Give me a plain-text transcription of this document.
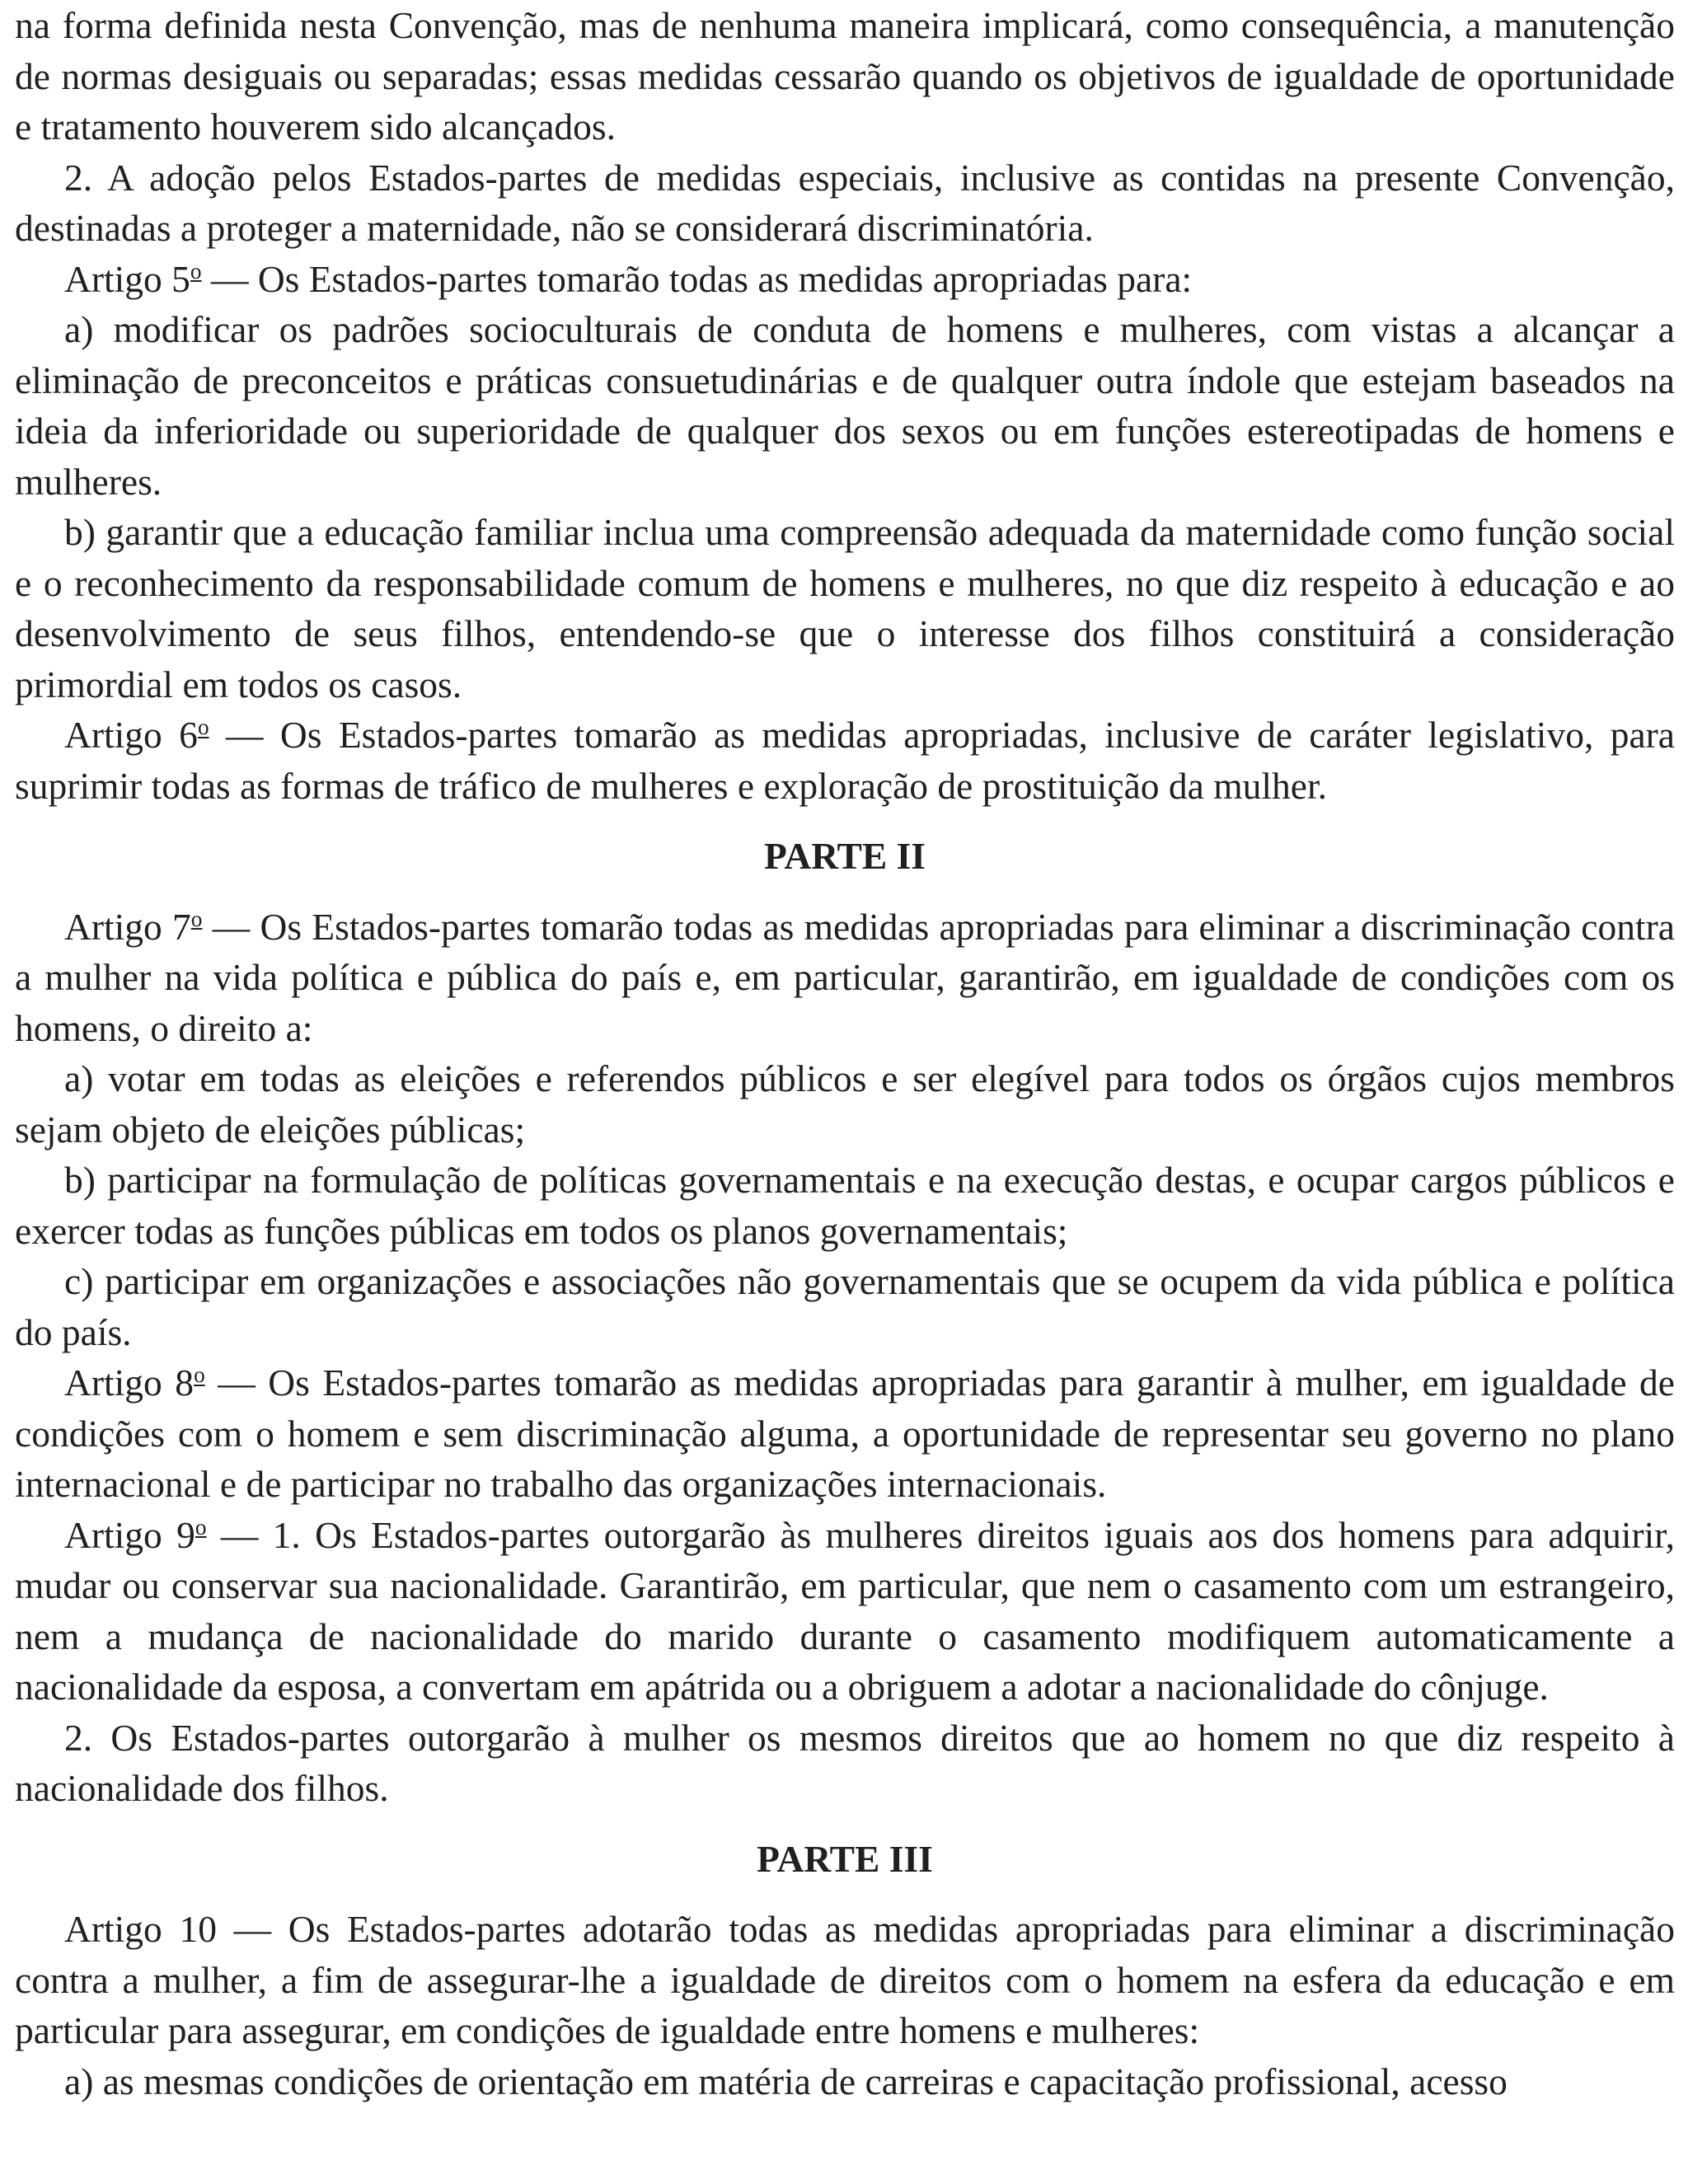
na forma definida nesta Convenção, mas de nenhuma maneira implicará, como consequência, a manutenção de normas desiguais ou separadas; essas medidas cessarão quando os objetivos de igualdade de oportunidade e tratamento houverem sido alcançados.

2. A adoção pelos Estados-partes de medidas especiais, inclusive as contidas na presente Convenção, destinadas a proteger a maternidade, não se considerará discriminatória.

Artigo 5$^o$ — Os Estados-partes tomarão todas as medidas apropriadas para:

a) modificar os padrões socioculturais de conduta de homens e mulheres, com vistas a alcançar a eliminação de preconceitos e práticas consuetudinárias e de qualquer outra índole que estejam baseados na ideia da inferioridade ou superioridade de qualquer dos sexos ou em funções estereotipadas de homens e mulheres.

b) garantir que a educação familiar inclua uma compreensão adequada da maternidade como função social e o reconhecimento da responsabilidade comum de homens e mulheres, no que diz respeito à educação e ao desenvolvimento de seus filhos, entendendo-se que o interesse dos filhos constituirá a consideração primordial em todos os casos.

Artigo 6$^o$ — Os Estados-partes tomarão as medidas apropriadas, inclusive de caráter legislativo, para suprimir todas as formas de tráfico de mulheres e exploração de prostituição da mulher.

PARTE II

Artigo 7$^o$ — Os Estados-partes tomarão todas as medidas apropriadas para eliminar a discriminação contra a mulher na vida política e pública do país e, em particular, garantirão, em igualdade de condições com os homens, o direito a:

a) votar em todas as eleições e referendos públicos e ser elegível para todos os órgãos cujos membros sejam objeto de eleições públicas;

b) participar na formulação de políticas governamentais e na execução destas, e ocupar cargos públicos e exercer todas as funções públicas em todos os planos governamentais;

c) participar em organizações e associações não governamentais que se ocupem da vida pública e política do país.

Artigo 8$^o$ — Os Estados-partes tomarão as medidas apropriadas para garantir à mulher, em igualdade de condições com o homem e sem discriminação alguma, a oportunidade de representar seu governo no plano internacional e de participar no trabalho das organizações internacionais.

Artigo 9$^o$ — 1. Os Estados-partes outorgarão às mulheres direitos iguais aos dos homens para adquirir, mudar ou conservar sua nacionalidade. Garantirão, em particular, que nem o casamento com um estrangeiro, nem a mudança de nacionalidade do marido durante o casamento modifiquem automaticamente a nacionalidade da esposa, a convertam em apátrida ou a obriguem a adotar a nacionalidade do cônjuge.

2. Os Estados-partes outorgarão à mulher os mesmos direitos que ao homem no que diz respeito à nacionalidade dos filhos.

PARTE III

Artigo 10 — Os Estados-partes adotarão todas as medidas apropriadas para eliminar a discriminação contra a mulher, a fim de assegurar-lhe a igualdade de direitos com o homem na esfera da educação e em particular para assegurar, em condições de igualdade entre homens e mulheres:

a) as mesmas condições de orientação em matéria de carreiras e capacitação profissional, acesso
